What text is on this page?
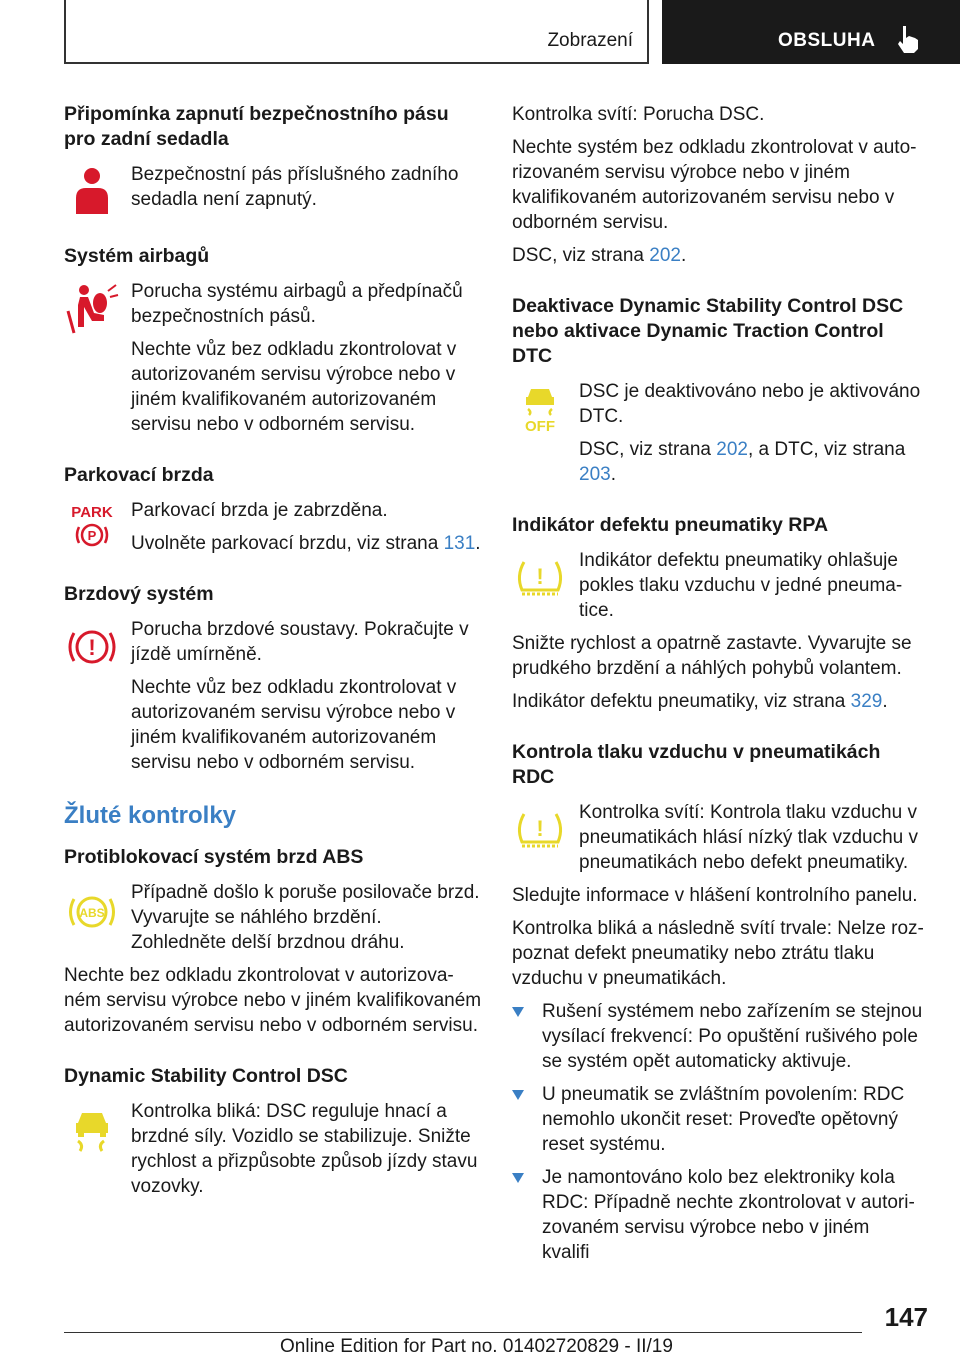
Zobrazení	OBSLUHA
Připomínka zapnutí bezpečnostního pásu pro zadní sedadla
Bezpečnostní pás příslušného zadního sedadla není zapnutý.
Systém airbagů
Porucha systému airbagů a předpínačů bezpečnostních pásů.
Nechte vůz bez odkladu zkontrolovat v autorizovaném servisu výrobce nebo v jiném kvalifikovaném autorizovaném servisu nebo v odborném servisu.
Parkovací brzda
PARK
P
Parkovací brzda je zabrzděna.
Uvolněte parkovací brzdu, viz strana 131.
Brzdový systém
!
Porucha brzdové soustavy. Pokračujte v jízdě umírněně.
Nechte vůz bez odkladu zkontrolovat v autorizovaném servisu výrobce nebo v jiném kvalifikovaném autorizovaném servisu nebo v odborném servisu.
Žluté kontrolky
Protiblokovací systém brzd ABS
ABS
Případně došlo k poruše posilovače brzd. Vyvarujte se náhlého brzdění. Zohledněte delší brzdnou dráhu.
Nechte bez odkladu zkontrolovat v autorizovaném servisu výrobce nebo v jiném kvalifikovaném autorizovaném servisu nebo v odborném servisu.
Dynamic Stability Control DSC
Kontrolka bliká: DSC reguluje hnací a brzdné síly. Vozidlo se stabilizuje. Snižte rychlost a přizpůsobte způsob jízdy stavu vozovky.
Kontrolka svítí: Porucha DSC.
Nechte systém bez odkladu zkontrolovat v autorizovaném servisu výrobce nebo v jiném kvalifikovaném autorizovaném servisu nebo v odborném servisu.
DSC, viz strana 202.
Deaktivace Dynamic Stability Control DSC nebo aktivace Dynamic Traction Control DTC
OFF
DSC je deaktivováno nebo je aktivováno DTC.
DSC, viz strana 202, a DTC, viz strana 203.
Indikátor defektu pneumatiky RPA
!
Indikátor defektu pneumatiky ohlašuje pokles tlaku vzduchu v jedné pneumatice.
Snižte rychlost a opatrně zastavte. Vyvarujte se prudkého brzdění a náhlých pohybů volantem.
Indikátor defektu pneumatiky, viz strana 329.
Kontrola tlaku vzduchu v pneumatikách RDC
!
Kontrolka svítí: Kontrola tlaku vzduchu v pneumatikách hlásí nízký tlak vzduchu v pneumatikách nebo defekt pneumatiky.
Sledujte informace v hlášení kontrolního panelu.
Kontrolka bliká a následně svítí trvale: Nelze rozpoznat defekt pneumatiky nebo ztrátu tlaku vzduchu v pneumatikách.
Rušení systémem nebo zařízením se stejnou vysílací frekvencí: Po opuštění rušivého pole se systém opět automaticky aktivuje.
U pneumatik se zvláštním povolením: RDC nemohlo ukončit reset: Proveďte opětovný reset systému.
Je namontováno kolo bez elektroniky kola RDC: Případně nechte zkontrolovat v autorizovaném servisu výrobce nebo v jiném kvalifi
147
Online Edition for Part no. 01402720829 - II/19
